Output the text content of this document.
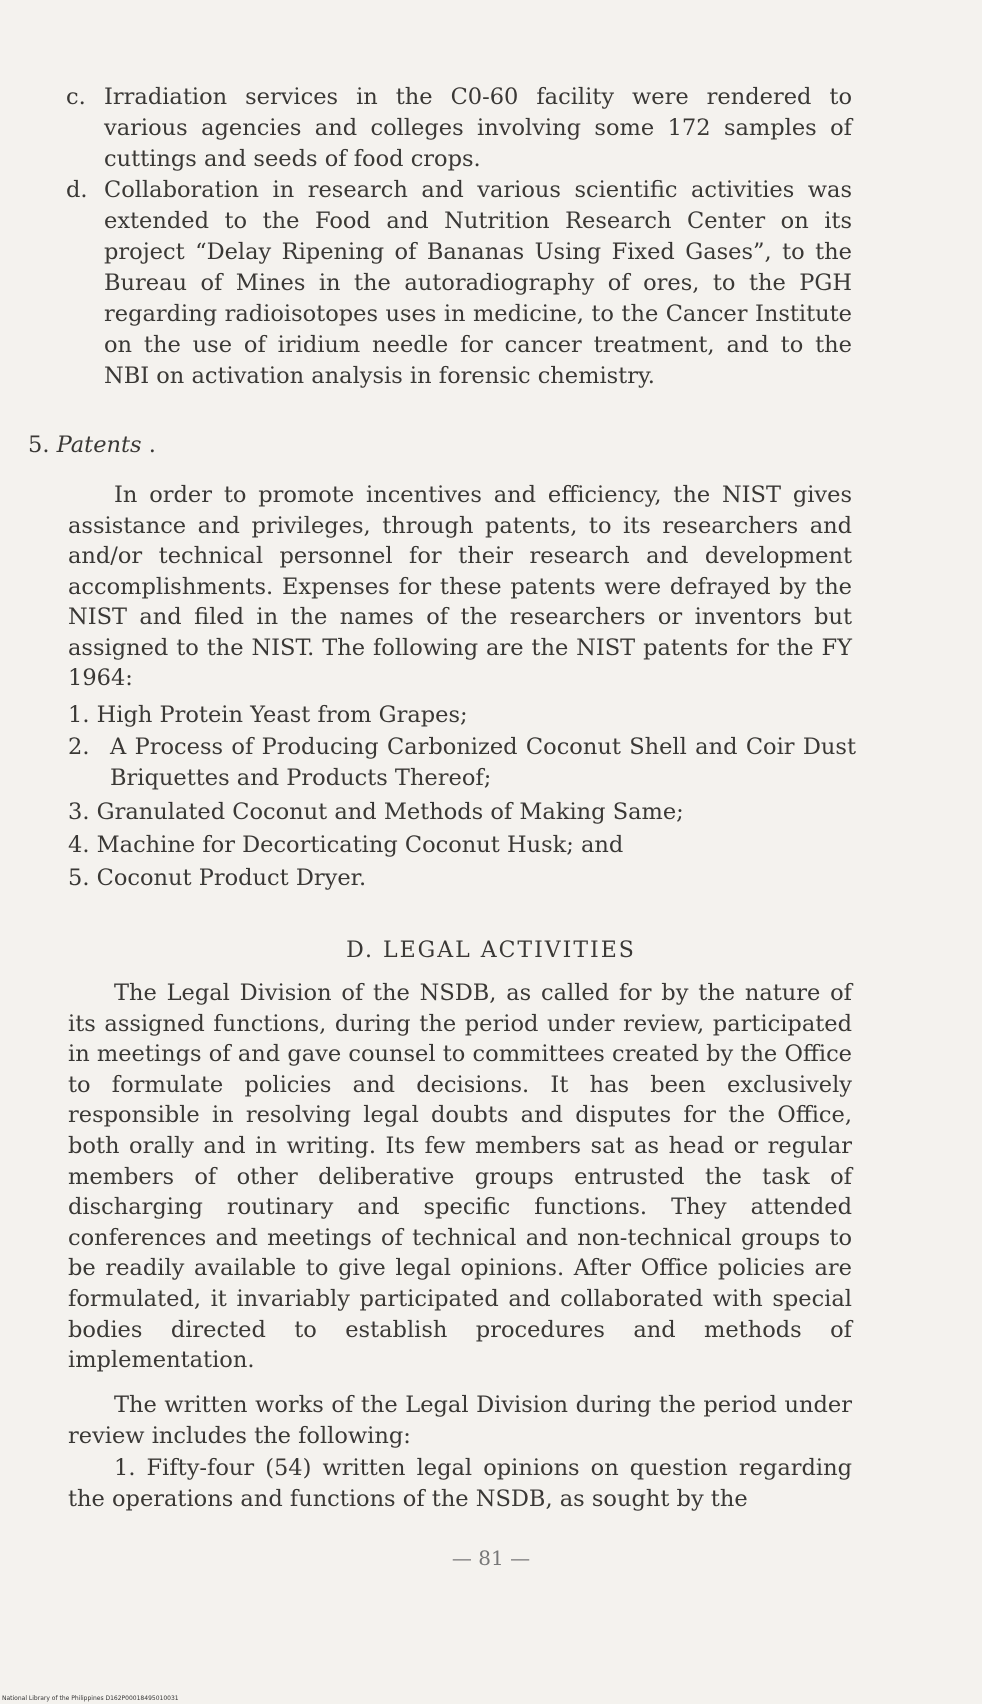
c. Irradiation services in the C0-60 facility were rendered to various agencies and colleges involving some 172 samples of cuttings and seeds of food crops.
d. Collaboration in research and various scientific activities was extended to the Food and Nutrition Research Center on its project “Delay Ripening of Bananas Using Fixed Gases”, to the Bureau of Mines in the autoradiography of ores, to the PGH regarding radioisotopes uses in medicine, to the Cancer Institute on the use of iridium needle for cancer treatment, and to the NBI on activation analysis in forensic chemistry.
5. Patents .
In order to promote incentives and efficiency, the NIST gives assistance and privileges, through patents, to its researchers and and/or technical personnel for their research and development accomplishments. Expenses for these patents were defrayed by the NIST and filed in the names of the researchers or inventors but assigned to the NIST. The following are the NIST patents for the FY 1964:
1. High Protein Yeast from Grapes;
2. A Process of Producing Carbonized Coconut Shell and Coir Dust Briquettes and Products Thereof;
3. Granulated Coconut and Methods of Making Same;
4. Machine for Decorticating Coconut Husk; and
5. Coconut Product Dryer.
D. LEGAL ACTIVITIES
The Legal Division of the NSDB, as called for by the nature of its assigned functions, during the period under review, participated in meetings of and gave counsel to committees created by the Office to formulate policies and decisions. It has been exclusively responsible in resolving legal doubts and disputes for the Office, both orally and in writing. Its few members sat as head or regular members of other deliberative groups entrusted the task of discharging routinary and specific functions. They attended conferences and meetings of technical and non-technical groups to be readily available to give legal opinions. After Office policies are formulated, it invariably participated and collaborated with special bodies directed to establish procedures and methods of implementation.
The written works of the Legal Division during the period under review includes the following:
1. Fifty-four (54) written legal opinions on question regarding the operations and functions of the NSDB, as sought by the
— 81 —
National Library of the Philippines D162P00018495010031
